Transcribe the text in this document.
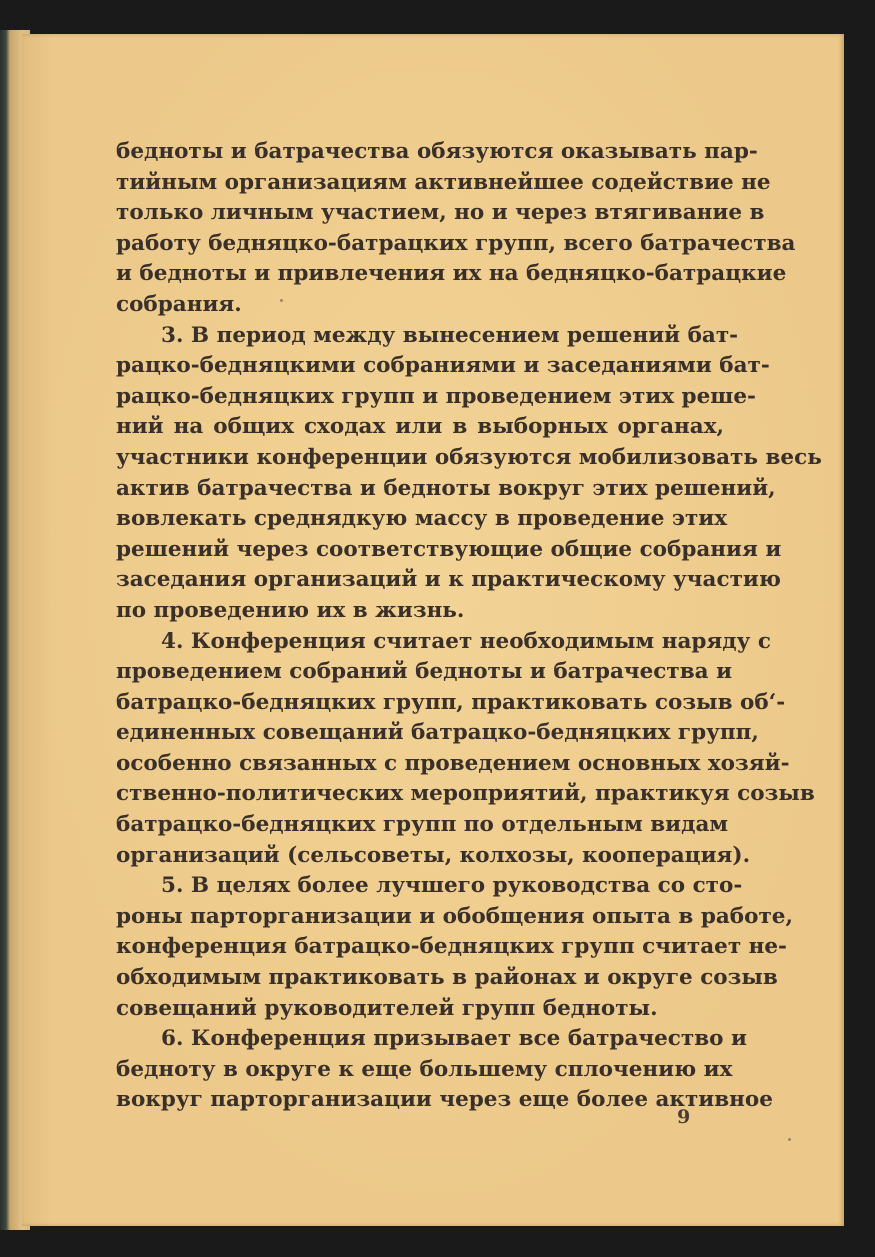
бедноты и батрачества обязуются оказывать пар-
тийным организациям активнейшее содействие не
только личным участием, но и через втягивание в
работу бедняцко-батрацких групп, всего батрачества
и бедноты и привлечения их на бедняцко-батрацкие
собрания.
3. В период между вынесением решений бат-
рацко-бедняцкими собраниями и заседаниями бат-
рацко-бедняцких групп и проведением этих реше-
ний на общих сходах или в выборных органах,
участники конференции обязуются мобилизовать весь
актив батрачества и бедноты вокруг этих решений,
вовлекать среднядкую массу в проведение этих
решений через соответствующие общие собрания и
заседания организаций и к практическому участию
по проведению их в жизнь.
4. Конференция считает необходимым наряду с
проведением собраний бедноты и батрачества и
батрацко-бедняцких групп, практиковать созыв об‘-
единенных совещаний батрацко-бедняцких групп,
особенно связанных с проведением основных хозяй-
ственно-политических мероприятий, практикуя созыв
батрацко-бедняцких групп по отдельным видам
организаций (сельсоветы, колхозы, кооперация).
5. В целях более лучшего руководства со сто-
роны парторганизации и обобщения опыта в работе,
конференция батрацко-бедняцких групп считает не-
обходимым практиковать в районах и округе созыв
совещаний руководителей групп бедноты.
6. Конференция призывает все батрачество и
бедноту в округе к еще большему сплочению их
вокруг парторганизации через еще более активное
9
